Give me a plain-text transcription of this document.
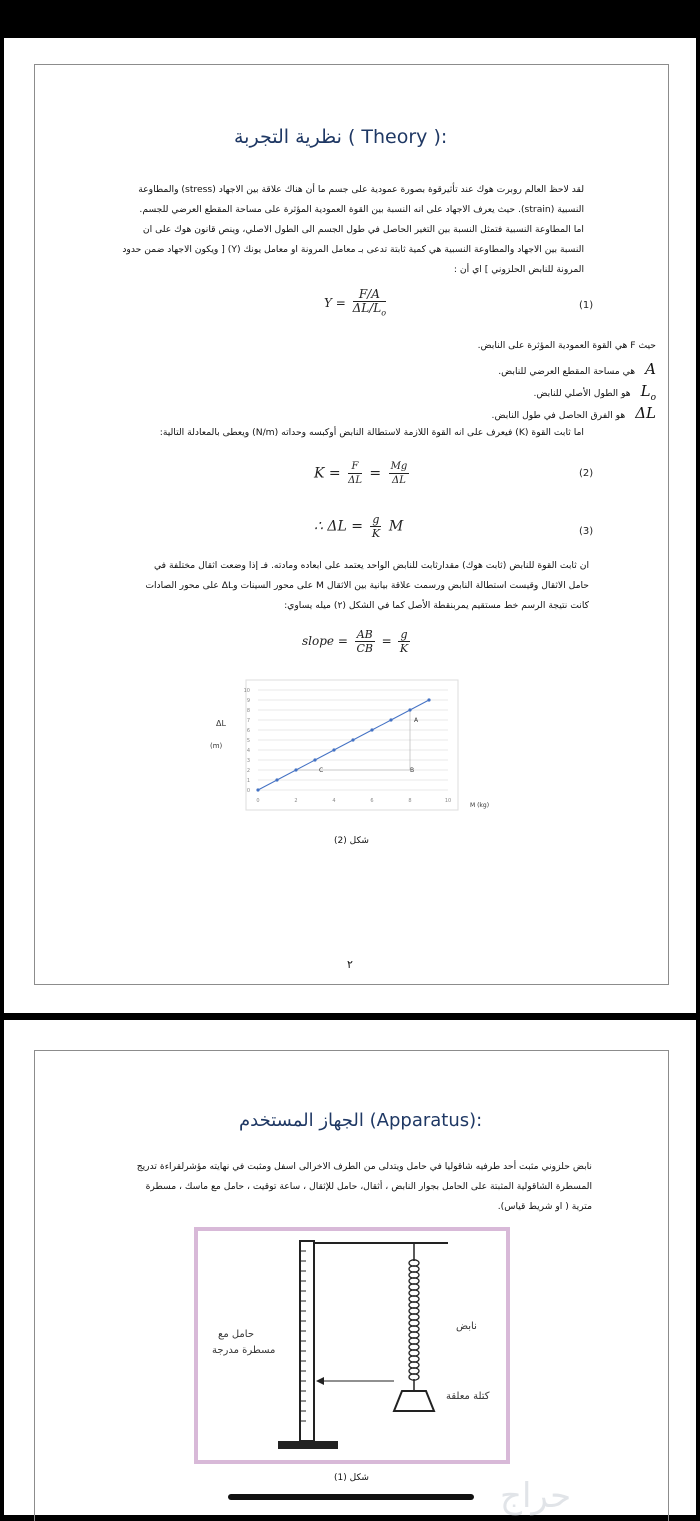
نظرية التجربة ( Theory ):
لقد لاحظ العالم روبرت هوك عند تأثيرقوة بصورة عمودية على جسم ما أن هناك علاقة بين الاجهاد (stress) والمطاوعة
النسبية (strain). حيث يعرف الاجهاد على انه النسبة بين القوة العمودية المؤثرة على مساحة المقطع العرضي للجسم.
اما المطاوعة النسبية فتمثل النسبة بين التغير الحاصل في طول الجسم الى الطول الاصلي، وينص قانون هوك على ان
النسبة بين الاجهاد والمطاوعة النسبية هي كمية ثابتة تدعى بـ معامل المرونة او معامل يونك (Y) [ ويكون الاجهاد ضمن حدود
المرونة للنابض الحلزوني ] اي أن :
$Y = \frac{F/A}{\Delta L/L_o}$	(1)
حيث F هي القوة العمودية المؤثرة على النابض.
Aهي مساحة المقطع العرضي للنابض.
$L_oهو$ الطول الأصلي للنابض.
ΔLهو الفرق الحاصل في طول النابض.
اما ثابت القوة (K) فيعرف على انه القوة اللازمة لاستطالة النابض أوكبسه وحداته (N/m) ويعطى بالمعادلة التالية:
$K = \frac{F}{\Delta L} = \frac{Mg}{\Delta L}$	(2)
∴ $\Delta L = \frac{g}{K}$ M	(3)
ان ثابت القوة للنابض (ثابت هوك) مقدارثابت للنابض الواحد يعتمد على ابعاده ومادته. فـ إذا وضعت اثقال مختلفة في
حامل الاثقال وقيست استطالة النابض ورسمت علاقة بيانية بين الاثقال M على محور السينات وΔL على محور الصادات
كانت نتيجة الرسم خط مستقيم يمربنقطة الأصل كما في الشكل (٢) ميله يساوي:
slope = $\frac{AB}{CB} = \frac{g}{K}$
0
1
2
3
4
5
6
7
8
9
10
0	2	4	6	8	10
ΔL
(m)
M (kg)
A
B
C
شكل (2)
٢
الجهاز المستخدم (Apparatus):
نابض حلزوني مثبت أحد طرفيه شاقوليا في حامل ويتدلى من الطرف الاخرالى اسفل ومثبت في نهايته مؤشرلقراءة تدريج
المسطرة الشاقولية المثبتة على الحامل بجوار النابض ، أثقال، حامل للإثقال ، ساعة توقيت ، حامل مع ماسك ، مسطرة
مترية ( او شريط قياس).
حامل مع
مسطرة مدرجة
نابض
كتلة معلقة
شكل (1)	حراج
